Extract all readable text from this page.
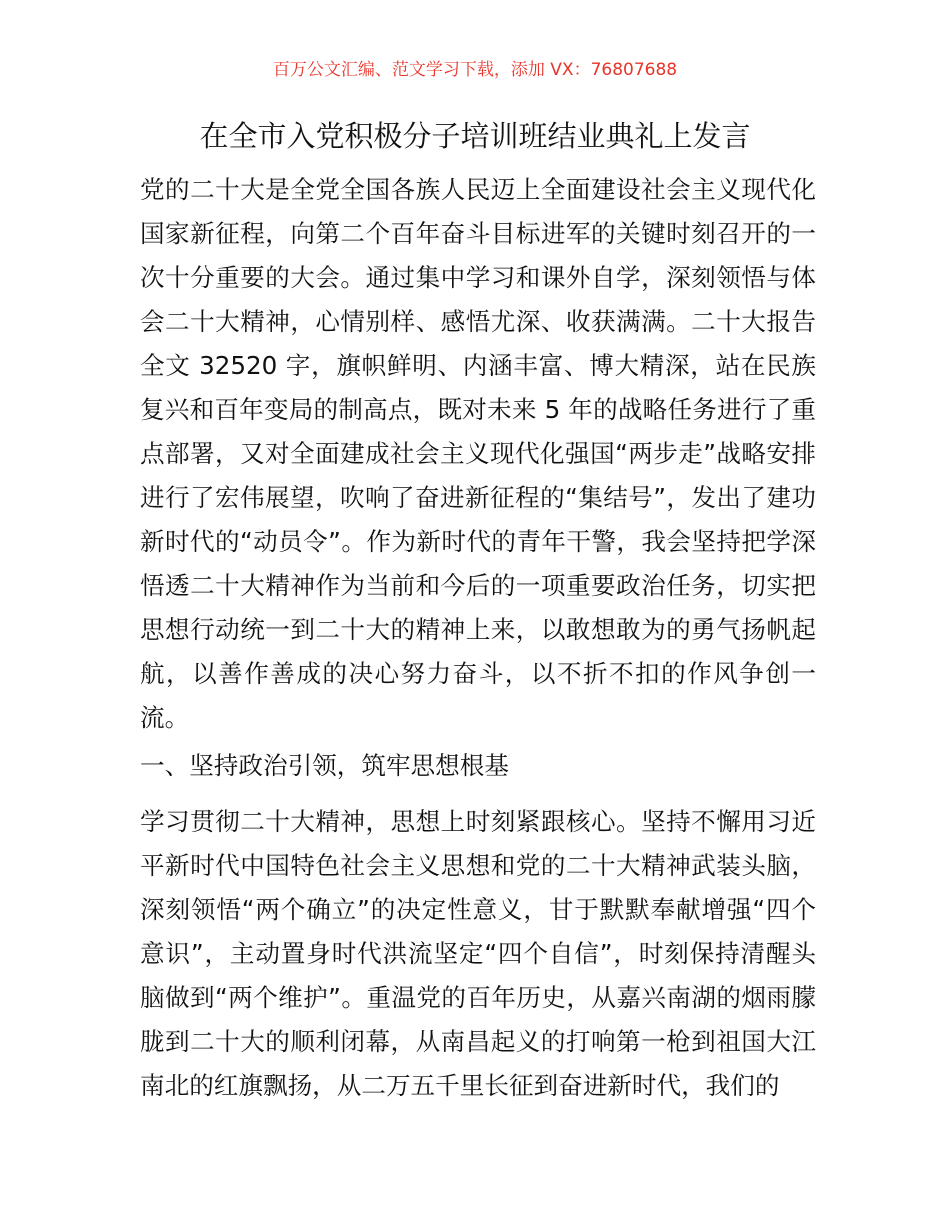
百万公文汇编、范文学习下载，添加 VX：76807688
在全市入党积极分子培训班结业典礼上发言

党的二十大是全党全国各族人民迈上全面建设社会主义现代化国家新征程，向第二个百年奋斗目标进军的关键时刻召开的一次十分重要的大会。通过集中学习和课外自学，深刻领悟与体会二十大精神，心情别样、感悟尤深、收获满满。二十大报告全文 32520 字，旗帜鲜明、内涵丰富、博大精深，站在民族复兴和百年变局的制高点，既对未来 5 年的战略任务进行了重点部署，又对全面建成社会主义现代化强国“两步走”战略安排进行了宏伟展望，吹响了奋进新征程的“集结号”，发出了建功新时代的“动员令”。作为新时代的青年干警，我会坚持把学深悟透二十大精神作为当前和今后的一项重要政治任务，切实把思想行动统一到二十大的精神上来，以敢想敢为的勇气扬帆起航，以善作善成的决心努力奋斗，以不折不扣的作风争创一流。

一、坚持政治引领，筑牢思想根基

学习贯彻二十大精神，思想上时刻紧跟核心。坚持不懈用习近平新时代中国特色社会主义思想和党的二十大精神武装头脑，深刻领悟“两个确立”的决定性意义，甘于默默奉献增强“四个意识”，主动置身时代洪流坚定“四个自信”，时刻保持清醒头脑做到“两个维护”。重温党的百年历史，从嘉兴南湖的烟雨朦胧到二十大的顺利闭幕，从南昌起义的打响第一枪到祖国大江南北的红旗飘扬，从二万五千里长征到奋进新时代，我们的
